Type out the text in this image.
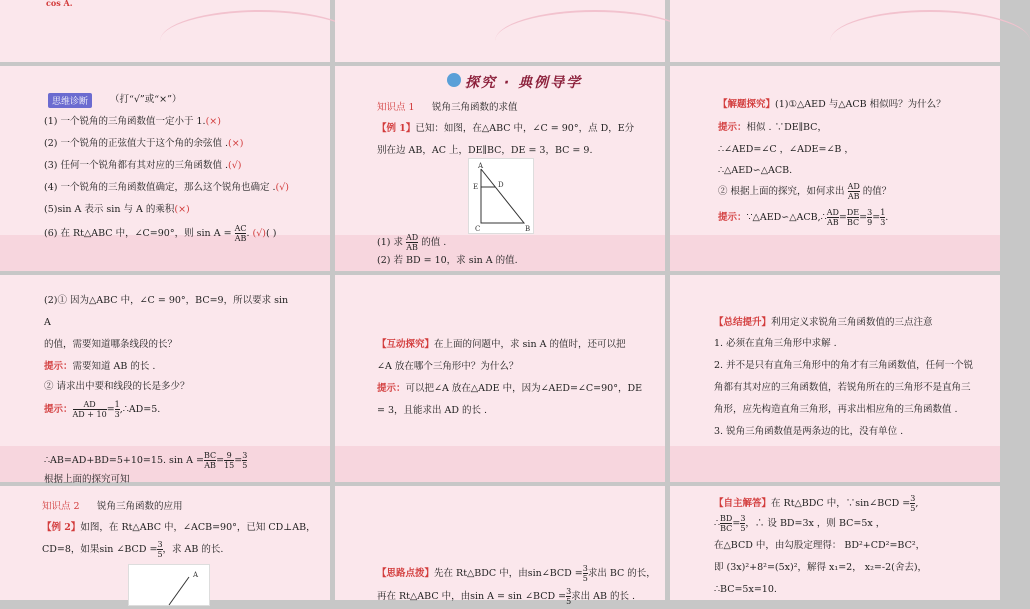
cos A.
思维诊断	（打“√”或“×”）
(1) 一个锐角的三角函数值一定小于 1.(×)
(2) 一个锐角的正弦值大于这个角的余弦值 .(×)
(3) 任何一个锐角都有其对应的三角函数值 .(√)
(4) 一个锐角的三角函数值确定，那么这个锐角也确定 .(√)
(5)sin A 表示 sin 与 A 的乘积(×)
(6) 在 Rt△ABC 中，∠C=90°，则 $\sin A = \frac{AC}{AB}$ . (√)( )
探究 · 典例导学
知识点 1 锐角三角函数的求值
【例 1】已知：如图，在△ABC 中，∠C = 90°，点 D，E分
别在边 AB，AC 上，DE∥BC，DE = 3，BC = 9.
E	D
A
C	B
(1) 求 $\frac{AD}{AB}$ 的值 .
(2) 若 BD = 10，求 sin A 的值.
【解题探究】(1)①△AED 与△ACB 相似吗？为什么？
提示：相似 . ∵DE∥BC，
∴∠AED=∠C ，∠ADE=∠B ，
∴△AED∽△ACB.
② 根据上面的探究，如何求出 $\frac{AD}{AB}$ 的值？
提示：∵△AED∽△ACB,∴ $\frac{AD}{AB} = \frac{DE}{BC} = \frac{3}{9} = \frac{1}{3}$ .
(2)① 因为△ABC 中，∠C = 90°，BC=9，所以要求 sin
A
的值，需要知道哪条线段的长？
提示：需要知道 AB 的长 .
② 请求出中要和线段的长是多少？
提示： $\frac{AD}{AD + 10} = \frac{1}{3}$ ,∴AD=5.
∴AB=AD+BD=5+10=15. $\sin A = \frac{BC}{AB} = \frac{9}{15} = \frac{3}{5}$
根据上面的探究可知
【互动探究】在上面的问题中，求 sin A 的值时，还可以把
∠A 放在哪个三角形中？为什么？
提示：可以把∠A 放在△ADE 中，因为∠AED=∠C=90°，DE
= 3，且能求出 AD 的长 .
【总结提升】利用定义求锐角三角函数值的三点注意
1. 必须在直角三角形中求解 .
2. 并不是只有直角三角形中的角才有三角函数值，任何一个锐
角都有其对应的三角函数值，若锐角所在的三角形不是直角三
角形，应先构造直角三角形，再求出相应角的三角函数值 .
3. 锐角三角函数值是两条边的比，没有单位 .
知识点 2 锐角三角函数的应用
【例 2】如图，在 Rt△ABC 中，∠ACB=90°，已知 CD⊥AB，
CD=8，如果sin ∠BCD = $\frac{3}{5}$ ，求 AB 的长.
A	【思路点拨】先在 Rt△BDC 中，由sin∠BCD = $\frac{3}{5}$ 求出 BC 的长，
再在 Rt△ABC 中，由sin A = sin ∠BCD = $\frac{3}{5}$ 求出 AB 的长 .
【自主解答】在 Rt△BDC 中，∵sin∠BCD = $\frac{3}{5}$ ,
∴ $\frac{BD}{BC} = \frac{3}{5}$ ，∴ 设 BD=3x ，则 BC=5x ，
在△BCD 中，由勾股定理得： BD²+CD²=BC²，
即 (3x)²+8²=(5x)²，解得 x₁=2， x₂=-2(舍去)，
∴BC=5x=10.
